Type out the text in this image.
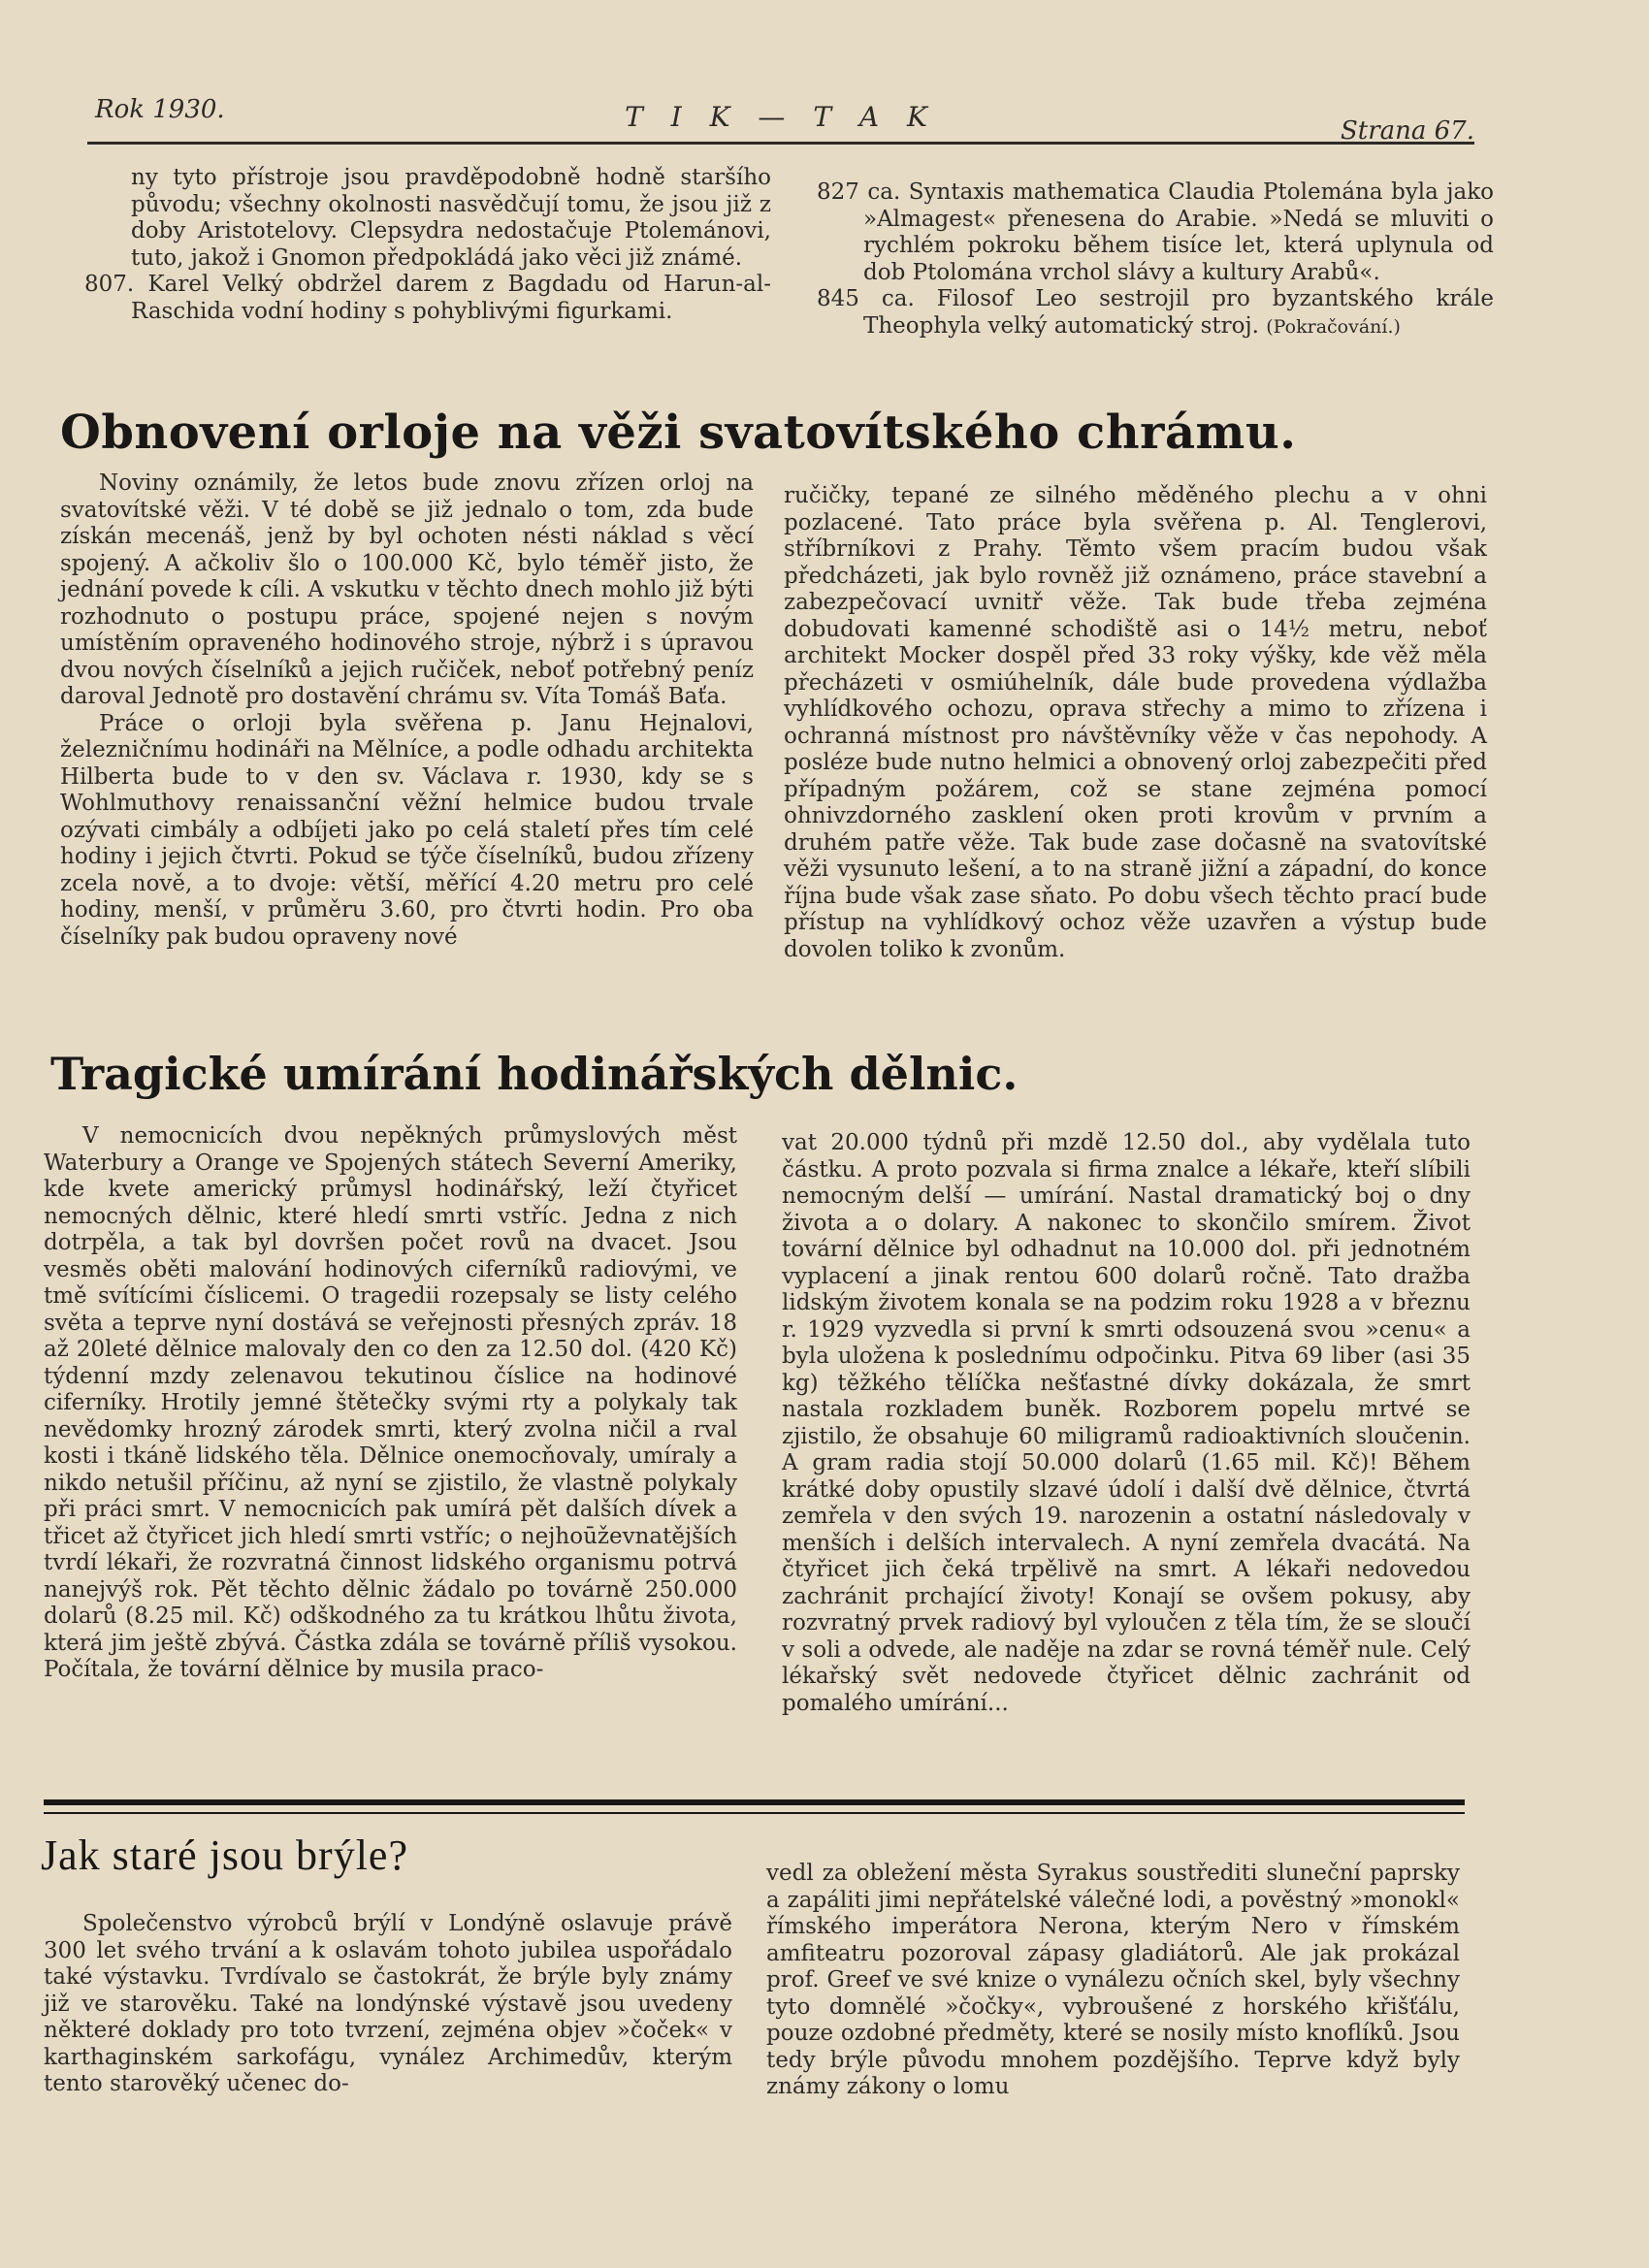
Rok 1930.	T I K — T A K	Strana 67.

ny tyto přístroje jsou pravděpodobně hodně staršího původu; všechny okolnosti nasvědčují tomu, že jsou již z doby Aristotelovy. Clepsydra nedostačuje Ptolemánovi, tuto, jakož i Gnomon předpokládá jako věci již známé.

807. Karel Velký obdržel darem z Bagdadu od Harun-al-Raschida vodní hodiny s pohyblivými figurkami.

827 ca. Syntaxis mathematica Claudia Ptolemána byla jako »Almagest« přenesena do Arabie. »Nedá se mluviti o rychlém pokroku během tisíce let, která uplynula od dob Ptolomána vrchol slávy a kultury Arabů«.

845 ca. Filosof Leo sestrojil pro byzantského krále Theophyla velký automatický stroj. (Pokračování.)

Obnovení orloje na věži svatovítského chrámu.

Noviny oznámily, že letos bude znovu zřízen orloj na svatovítské věži. V té době se již jednalo o tom, zda bude získán mecenáš, jenž by byl ochoten nésti náklad s věcí spojený. A ačkoliv šlo o 100.000 Kč, bylo téměř jisto, že jednání povede k cíli. A vskutku v těchto dnech mohlo již býti rozhodnuto o postupu práce, spojené nejen s novým umístěním opraveného hodinového stroje, nýbrž i s úpravou dvou nových číselníků a jejich ručiček, neboť potřebný peníz daroval Jednotě pro dostavění chrámu sv. Víta Tomáš Baťa.

Práce o orloji byla svěřena p. Janu Hejnalovi, železničnímu hodináři na Mělníce, a podle odhadu architekta Hilberta bude to v den sv. Václava r. 1930, kdy se s Wohlmuthovy renaissanční věžní helmice budou trvale ozývati cimbály a odbíjeti jako po celá staletí přes tím celé hodiny i jejich čtvrti. Pokud se týče číselníků, budou zřízeny zcela nově, a to dvoje: větší, měřící 4.20 metru pro celé hodiny, menší, v průměru 3.60, pro čtvrti hodin. Pro oba číselníky pak budou opraveny nové

ručičky, tepané ze silného měděného plechu a v ohni pozlacené. Tato práce byla svěřena p. Al. Tenglerovi, stříbrníkovi z Prahy. Těmto všem pracím budou však předcházeti, jak bylo rovněž již oznámeno, práce stavební a zabezpečovací uvnitř věže. Tak bude třeba zejména dobudovati kamenné schodiště asi o 14½ metru, neboť architekt Mocker dospěl před 33 roky výšky, kde věž měla přecházeti v osmiúhelník, dále bude provedena výdlažba vyhlídkového ochozu, oprava střechy a mimo to zřízena i ochranná místnost pro návštěvníky věže v čas nepohody. A posléze bude nutno helmici a obnovený orloj zabezpečiti před případným požárem, což se stane zejména pomocí ohnivzdorného zasklení oken proti krovům v prvním a druhém patře věže. Tak bude zase dočasně na svatovítské věži vysunuto lešení, a to na straně jižní a západní, do konce října bude však zase sňato. Po dobu všech těchto prací bude přístup na vyhlídkový ochoz věže uzavřen a výstup bude dovolen toliko k zvonům.

Tragické umírání hodinářských dělnic.

V nemocnicích dvou nepěkných průmyslových měst Waterbury a Orange ve Spojených státech Severní Ameriky, kde kvete americký průmysl hodinářský, leží čtyřicet nemocných dělnic, které hledí smrti vstříc. Jedna z nich dotrpěla, a tak byl dovršen počet rovů na dvacet. Jsou vesměs oběti malování hodinových ciferníků radiovými, ve tmě svítícími číslicemi. O tragedii rozepsaly se listy celého světa a teprve nyní dostává se veřejnosti přesných zpráv. 18 až 20leté dělnice malovaly den co den za 12.50 dol. (420 Kč) týdenní mzdy zelenavou tekutinou číslice na hodinové ciferníky. Hrotily jemné štětečky svými rty a polykaly tak nevědomky hrozný zárodek smrti, který zvolna ničil a rval kosti i tkáně lidského těla. Dělnice onemocňovaly, umíraly a nikdo netušil příčinu, až nyní se zjistilo, že vlastně polykaly při práci smrt. V nemocnicích pak umírá pět dalších dívek a třicet až čtyřicet jich hledí smrti vstříc; o nejhoūževnatějších tvrdí lékaři, že rozvratná činnost lidského organismu potrvá nanejvýš rok. Pět těchto dělnic žádalo po továrně 250.000 dolarů (8.25 mil. Kč) odškodného za tu krátkou lhůtu života, která jim ještě zbývá. Částka zdála se továrně příliš vysokou. Počítala, že tovární dělnice by musila praco-

vat 20.000 týdnů při mzdě 12.50 dol., aby vydělala tuto částku. A proto pozvala si firma znalce a lékaře, kteří slíbili nemocným delší — umírání. Nastal dramatický boj o dny života a o dolary. A nakonec to skončilo smírem. Život tovární dělnice byl odhadnut na 10.000 dol. při jednotném vyplacení a jinak rentou 600 dolarů ročně. Tato dražba lidským životem konala se na podzim roku 1928 a v březnu r. 1929 vyzvedla si první k smrti odsouzená svou »cenu« a byla uložena k poslednímu odpočinku. Pitva 69 liber (asi 35 kg) těžkého tělíčka nešťastné dívky dokázala, že smrt nastala rozkladem buněk. Rozborem popelu mrtvé se zjistilo, že obsahuje 60 miligramů radioaktivních sloučenin. A gram radia stojí 50.000 dolarů (1.65 mil. Kč)! Během krátké doby opustily slzavé údolí i další dvě dělnice, čtvrtá zemřela v den svých 19. narozenin a ostatní následovaly v menších i delších intervalech. A nyní zemřela dvacátá. Na čtyřicet jich čeká trpělivě na smrt. A lékaři nedovedou zachránit prchající životy! Konají se ovšem pokusy, aby rozvratný prvek radiový byl vyloučen z těla tím, že se sloučí v soli a odvede, ale naděje na zdar se rovná téměř nule. Celý lékařský svět nedovede čtyřicet dělnic zachránit od pomalého umírání...

Jak staré jsou brýle?

Společenstvo výrobců brýlí v Londýně oslavuje právě 300 let svého trvání a k oslavám tohoto jubilea uspořádalo také výstavku. Tvrdívalo se častokrát, že brýle byly známy již ve starověku. Také na londýnské výstavě jsou uvedeny některé doklady pro toto tvrzení, zejména objev »čoček« v karthaginském sarkofágu, vynález Archimedův, kterým tento starověký učenec do-

vedl za obležení města Syrakus soustřediti sluneční paprsky a zapáliti jimi nepřátelské válečné lodi, a pověstný »monokl« římského imperátora Nerona, kterým Nero v římském amfiteatru pozoroval zápasy gladiátorů. Ale jak prokázal prof. Greef ve své knize o vynálezu očních skel, byly všechny tyto domnělé »čočky«, vybroušené z horského křišťálu, pouze ozdobné předměty, které se nosily místo knoflíků. Jsou tedy brýle původu mnohem pozdějšího. Teprve když byly známy zákony o lomu
